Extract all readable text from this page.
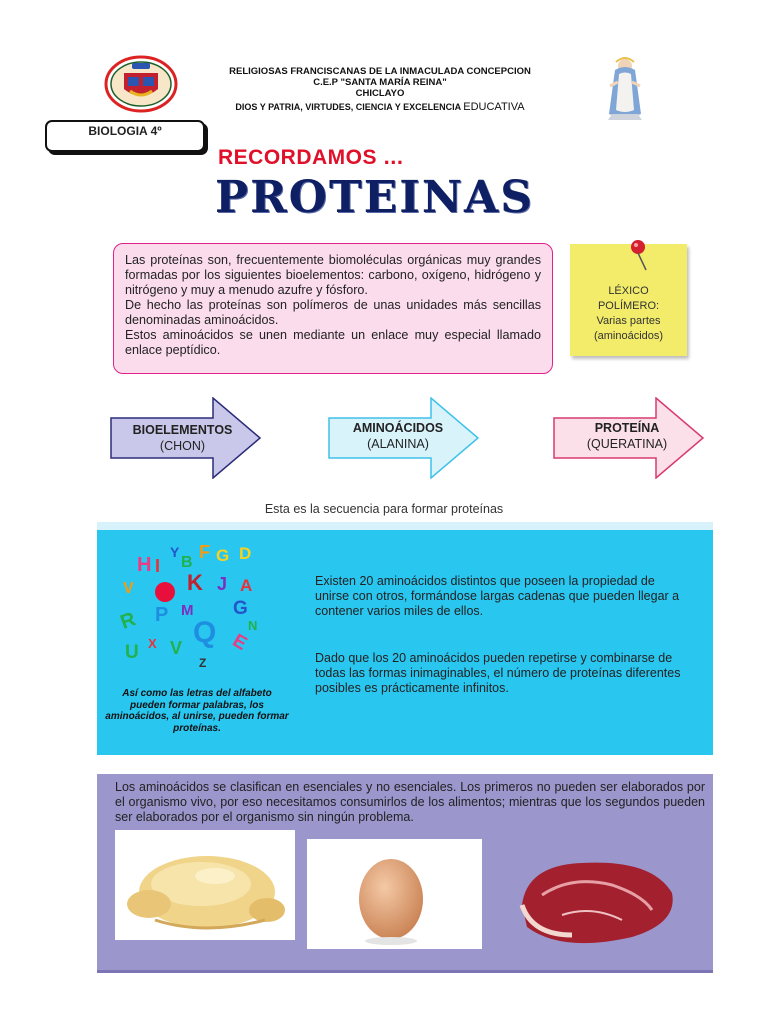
RELIGIOSAS FRANCISCANAS DE LA INMACULADA CONCEPCION
C.E.P "SANTA MARÍA REINA"
CHICLAYO
DIOS Y PATRIA, VIRTUDES, CIENCIA Y EXCELENCIA EDUCATIVA
BIOLOGIA 4º
RECORDAMOS ...
PROTEINAS

Las proteínas son, frecuentemente biomoléculas orgánicas muy grandes formadas por los siguientes bioelementos: carbono, oxígeno, hidrógeno y nitrógeno y muy a menudo azufre y fósforo.

De hecho las proteínas son polímeros de unas unidades más sencillas denominadas aminoácidos.

Estos aminoácidos se unen mediante un enlace muy especial llamado enlace peptídico.

LÉXICO
POLÍMERO:
Varias partes
(aminoácidos)
BIOELEMENTOS
(CHON)
AMINOÁCIDOS
(ALANINA)
PROTEÍNA
(QUERATINA)
Esta es la secuencia para formar proteínas
H I
Y
B
F G D
V K J A
R P M G
Q N
U X V E
Z
Así como las letras del alfabeto pueden formar palabras, los aminoácidos, al unirse, pueden formar proteínas.
Existen 20 aminoácidos distintos que poseen la propiedad de unirse con otros, formándose largas cadenas que pueden llegar a contener varios miles de ellos.
Dado que los 20 aminoácidos pueden repetirse y combinarse de todas las formas inimaginables, el número de proteínas diferentes posibles es prácticamente infinitos.
Los aminoácidos se clasifican en esenciales y no esenciales. Los primeros no pueden ser elaborados por el organismo vivo, por eso necesitamos consumirlos de los alimentos; mientras que los segundos pueden ser elaborados por el organismo sin ningún problema.
